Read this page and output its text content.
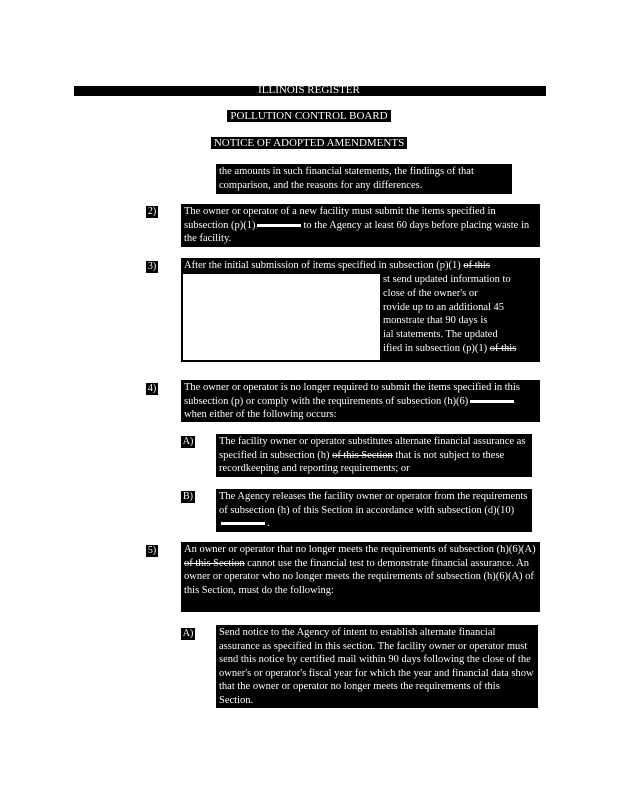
ILLINOIS REGISTER
POLLUTION CONTROL BOARD
NOTICE OF ADOPTED AMENDMENTS
the amounts in such financial statements, the findings of that comparison, and the reasons for any differences.
2)	The owner or operator of a new facility must submit the items specified in subsection (p)(1)	to the Agency at least 60 days before placing waste in the facility.
3)	After the initial submission of items specified in subsection (p)(1) of this
st send updated information to
close of the owner's or
rovide up to an additional 45
monstrate that 90 days is
ial statements. The updated
ified in subsection (p)(1) of this
4)	The owner or operator is no longer required to submit the items specified in this subsection (p) or comply with the requirements of subsection (h)(6)when either of the following occurs:
A) The facility owner or operator substitutes alternate financial assurance as specified in subsection (h) of this Section that is not subject to these recordkeeping and reporting requirements; or
B) The Agency releases the facility owner or operator from the requirements of subsection (h) of this Section in accordance with subsection (d)(10).
5)	An owner or operator that no longer meets the requirements of subsection (h)(6)(A) of this Section cannot use the financial test to demonstrate financial assurance. An owner or operator who no longer meets the requirements of subsection (h)(6)(A) of this Section, must do the following:
A) Send notice to the Agency of intent to establish alternate financial assurance as specified in this section. The facility owner or operator must send this notice by certified mail within 90 days following the close of the owner's or operator's fiscal year for which the year and financial data show that the owner or operator no longer meets the requirements of this Section.
